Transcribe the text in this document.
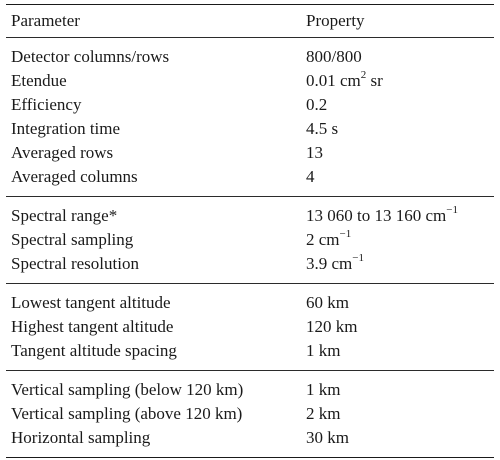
Parameter	Property
Detector columns/rows	800/800
Etendue	0.01 $cm^2$ sr
Efficiency	0.2
Integration time	4.5 s
Averaged rows	13
Averaged columns	4
Spectral range*	13 060 to 13 160 $cm^{-1}$
Spectral sampling	2 $cm^{-1}$
Spectral resolution	3.9 $cm^{-1}$
Lowest tangent altitude	60 km
Highest tangent altitude	120 km
Tangent altitude spacing	1 km
Vertical sampling (below 120 km)	1 km
Vertical sampling (above 120 km)	2 km
Horizontal sampling	30 km
